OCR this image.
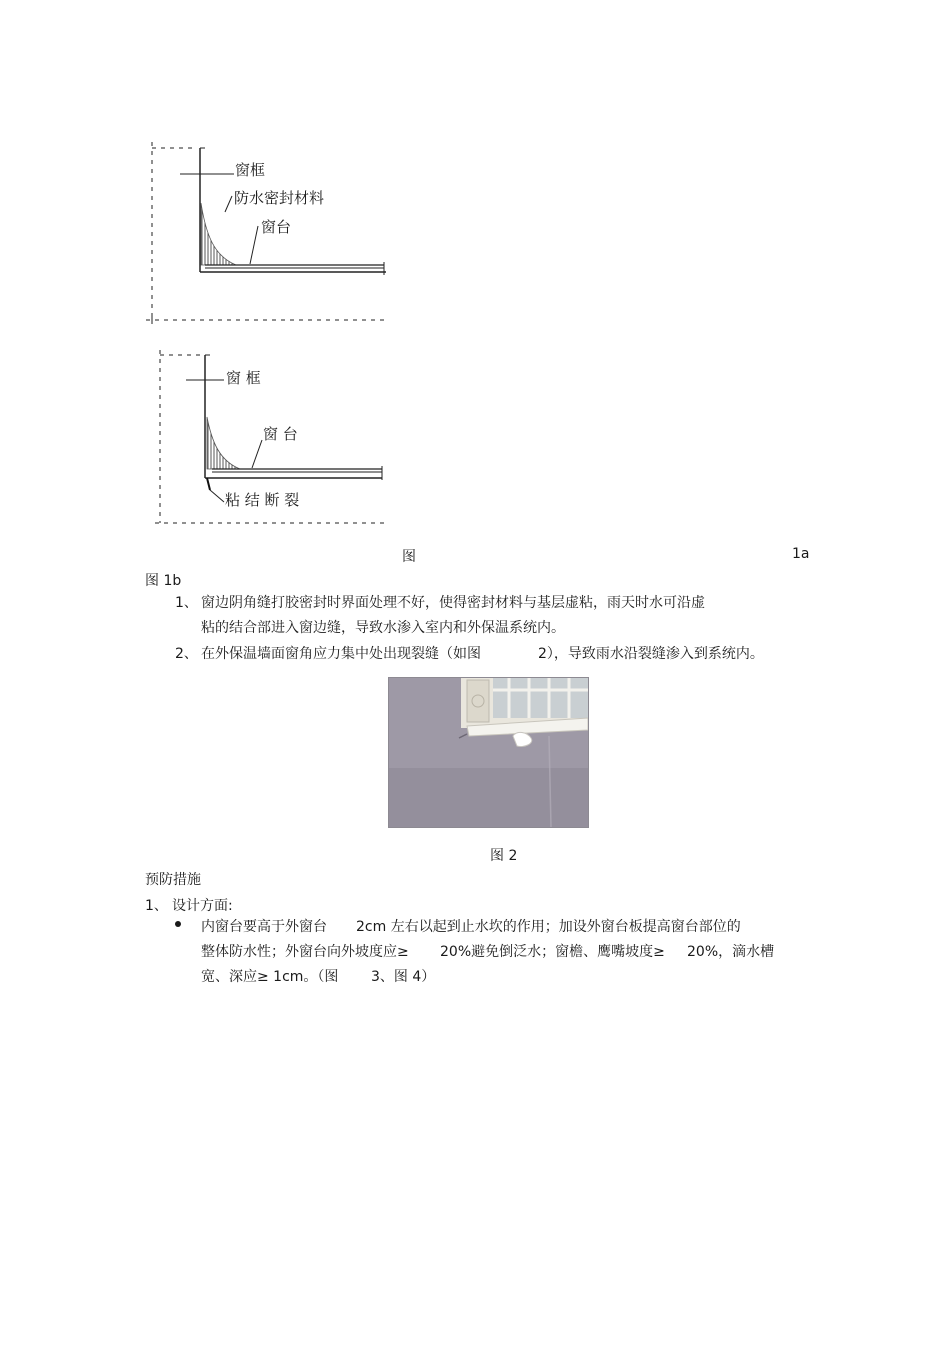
窗框
防水密封材料
窗台
窗 框
窗 台
粘 结 断 裂
图	1a
图 1b
1、 窗边阴角缝打胶密封时界面处理不好，使得密封材料与基层虚粘，雨天时水可沿虚
粘的结合部进入窗边缝，导致水渗入室内和外保温系统内。
2、 在外保温墙面窗角应力集中处出现裂缝（如图	2），导致雨水沿裂缝渗入到系统内。
图 2
预防措施
1、 设计方面:
内窗台要高于外窗台 2cm 左右以起到止水坎的作用；加设外窗台板提高窗台部位的
整体防水性；外窗台向外坡度应≥ 20%避免倒泛水；窗檐、鹰嘴坡度≥ 20%，滴水槽
宽、深应≥ 1cm。（图 3、图 4）
